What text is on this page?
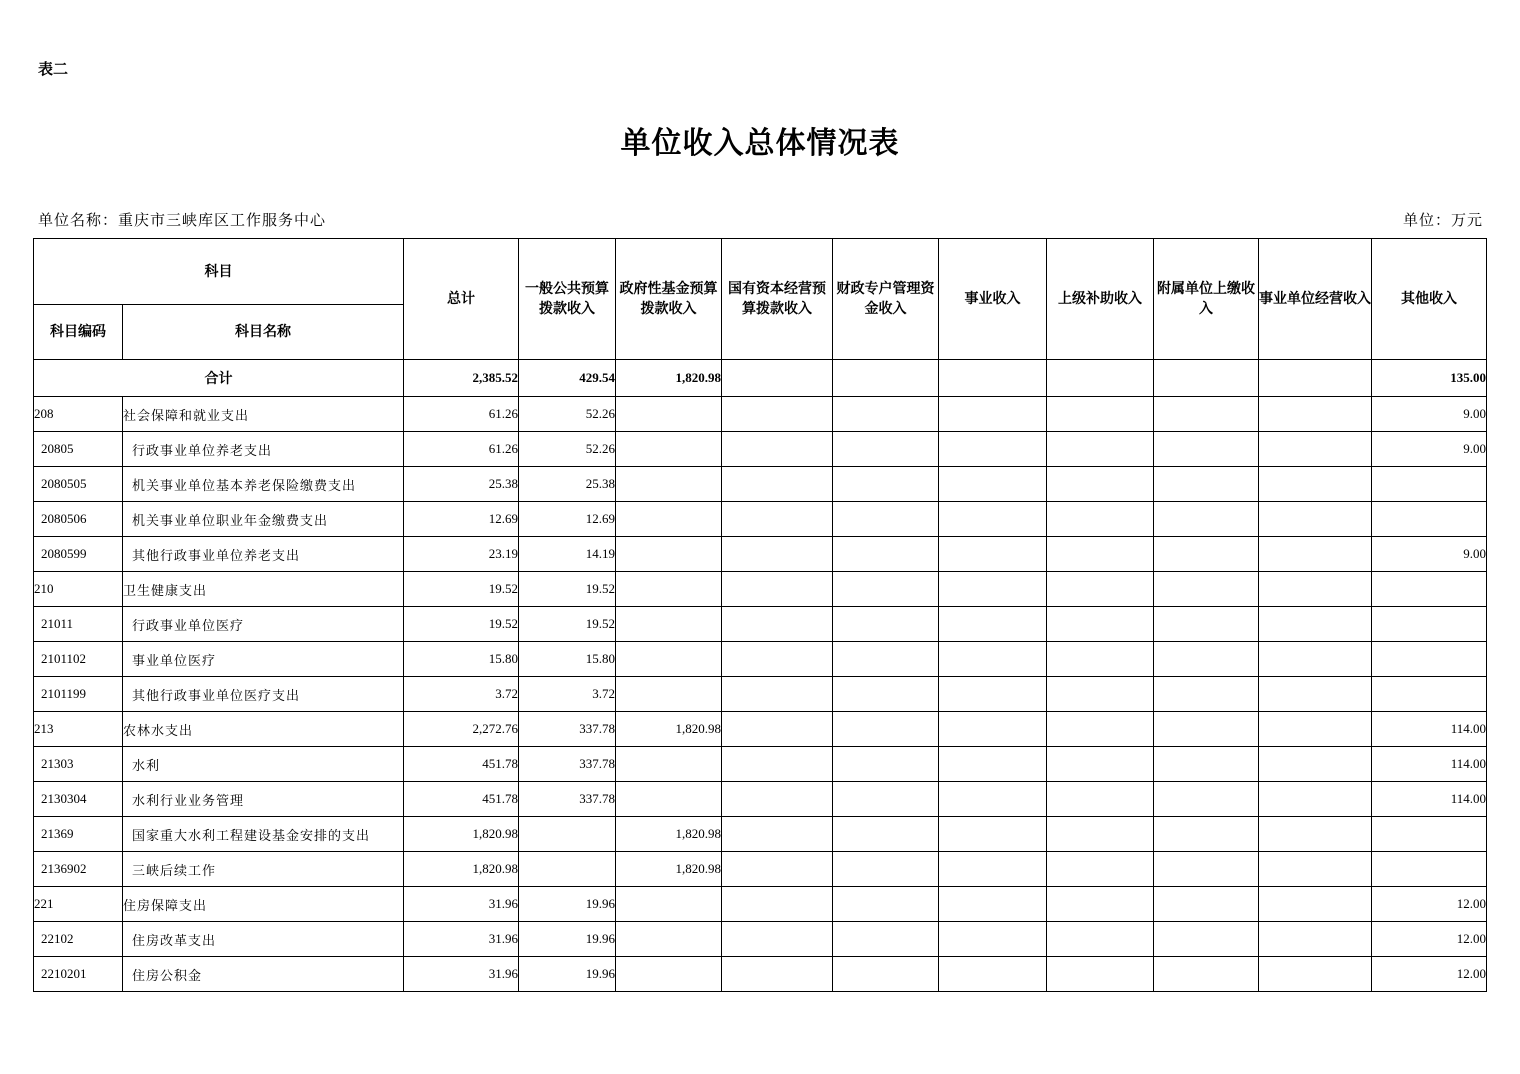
表二
单位收入总体情况表
单位名称：重庆市三峡库区工作服务中心	单位：万元
科目		总计	一般公共预算拨款收入	政府性基金预算拨款收入	国有资本经营预算拨款收入	财政专户管理资金收入	事业收入	上级补助收入	附属单位上缴收入	事业单位经营收入	其他收入
科目编码	科目名称										
合计		2,385.52	429.54	1,820.98							135.00
208	社会保障和就业支出	61.26	52.26								9.00
20805	行政事业单位养老支出	61.26	52.26								9.00
2080505	机关事业单位基本养老保险缴费支出	25.38	25.38								
2080506	机关事业单位职业年金缴费支出	12.69	12.69								
2080599	其他行政事业单位养老支出	23.19	14.19								9.00
210	卫生健康支出	19.52	19.52								
21011	行政事业单位医疗	19.52	19.52								
2101102	事业单位医疗	15.80	15.80								
2101199	其他行政事业单位医疗支出	3.72	3.72								
213	农林水支出	2,272.76	337.78	1,820.98							114.00
21303	水利	451.78	337.78								114.00
2130304	水利行业业务管理	451.78	337.78								114.00
21369	国家重大水利工程建设基金安排的支出	1,820.98		1,820.98							
2136902	三峡后续工作	1,820.98		1,820.98							
221	住房保障支出	31.96	19.96								12.00
22102	住房改革支出	31.96	19.96								12.00
2210201	住房公积金	31.96	19.96								12.00
